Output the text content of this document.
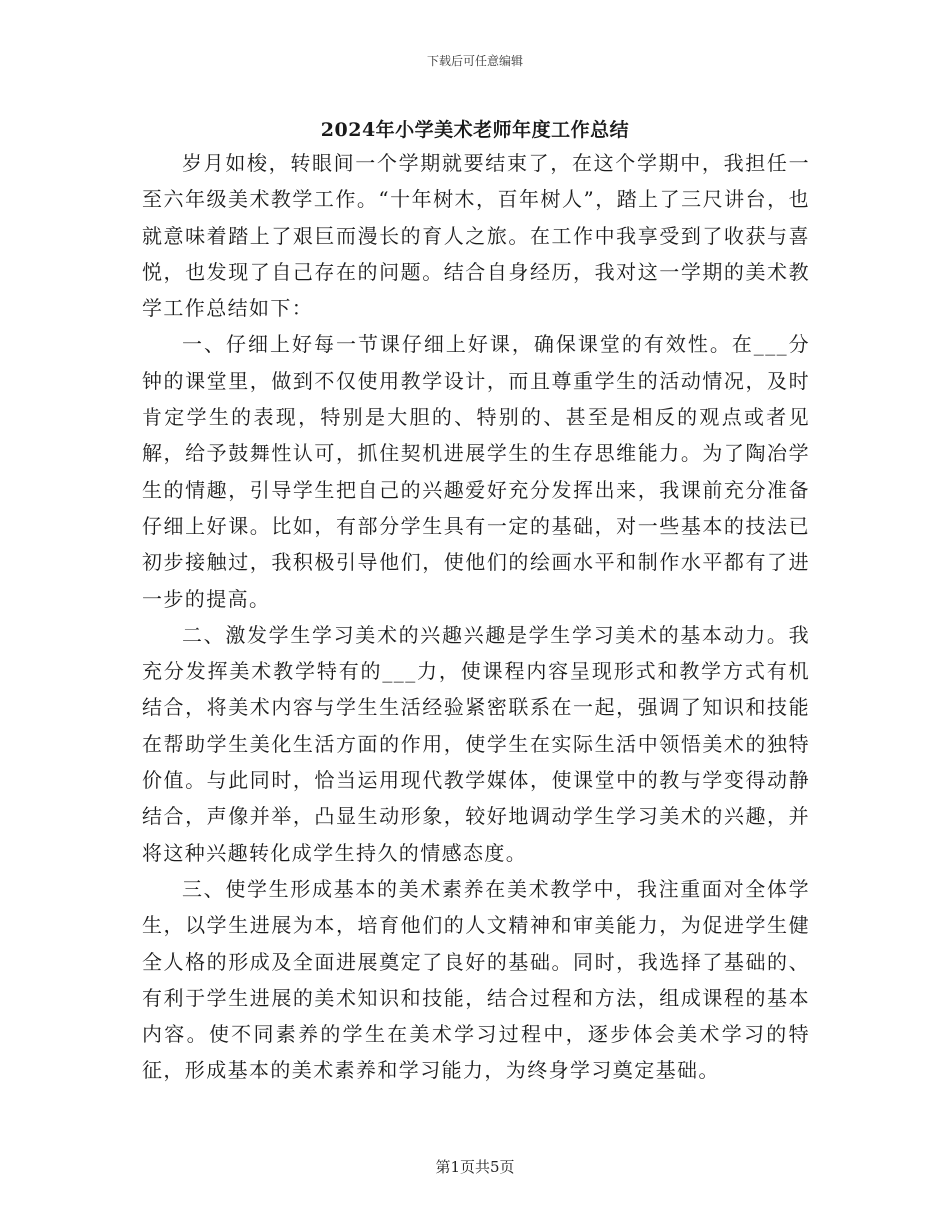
下载后可任意编辑
2024年小学美术老师年度工作总结

岁月如梭，转眼间一个学期就要结束了，在这个学期中，我担任一至六年级美术教学工作。“十年树木，百年树人”，踏上了三尺讲台，也就意味着踏上了艰巨而漫长的育人之旅。在工作中我享受到了收获与喜悦，也发现了自己存在的问题。结合自身经历，我对这一学期的美术教学工作总结如下：

一、仔细上好每一节课仔细上好课，确保课堂的有效性。在___分钟的课堂里，做到不仅使用教学设计，而且尊重学生的活动情况，及时肯定学生的表现，特别是大胆的、特别的、甚至是相反的观点或者见解，给予鼓舞性认可，抓住契机进展学生的生存思维能力。为了陶冶学生的情趣，引导学生把自己的兴趣爱好充分发挥出来，我课前充分准备仔细上好课。比如，有部分学生具有一定的基础，对一些基本的技法已初步接触过，我积极引导他们，使他们的绘画水平和制作水平都有了进一步的提高。

二、激发学生学习美术的兴趣兴趣是学生学习美术的基本动力。我充分发挥美术教学特有的___力，使课程内容呈现形式和教学方式有机结合，将美术内容与学生生活经验紧密联系在一起，强调了知识和技能在帮助学生美化生活方面的作用，使学生在实际生活中领悟美术的独特价值。与此同时，恰当运用现代教学媒体，使课堂中的教与学变得动静结合，声像并举，凸显生动形象，较好地调动学生学习美术的兴趣，并将这种兴趣转化成学生持久的情感态度。

三、使学生形成基本的美术素养在美术教学中，我注重面对全体学生，以学生进展为本，培育他们的人文精神和审美能力，为促进学生健全人格的形成及全面进展奠定了良好的基础。同时，我选择了基础的、有利于学生进展的美术知识和技能，结合过程和方法，组成课程的基本内容。使不同素养的学生在美术学习过程中，逐步体会美术学习的特征，形成基本的美术素养和学习能力，为终身学习奠定基础。

第1页共5页
